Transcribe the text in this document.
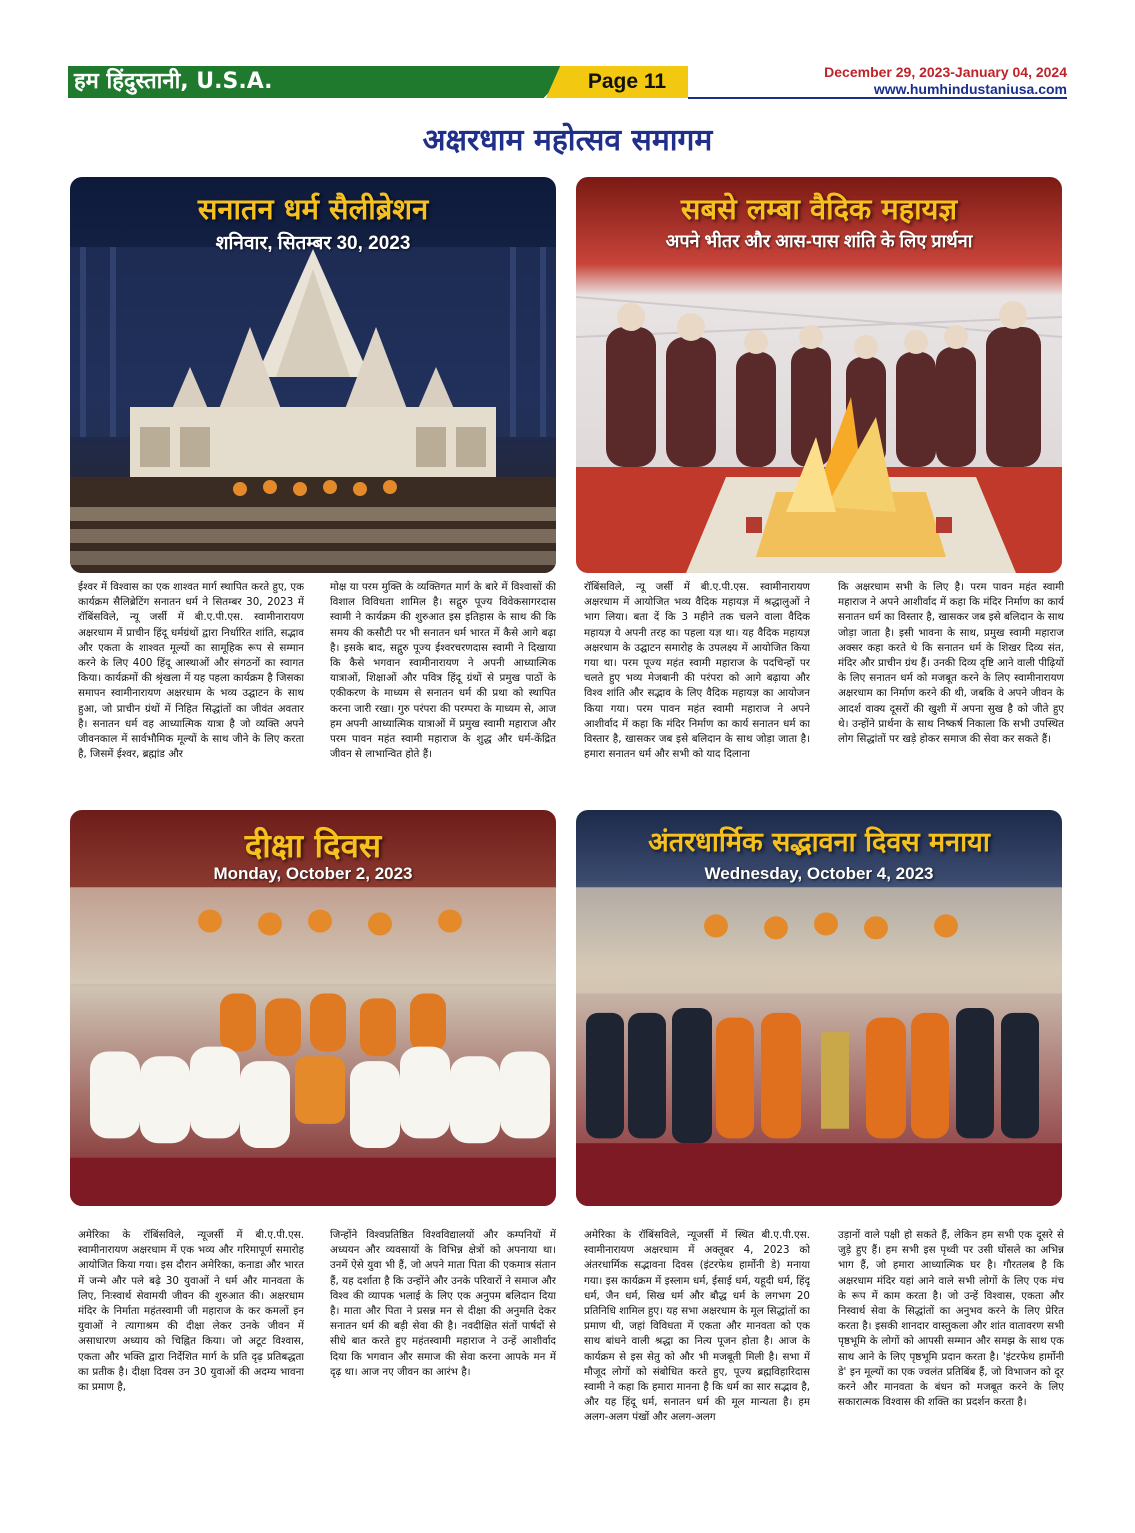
हम हिंदुस्तानी, U.S.A.	Page 11	December 29, 2023-January 04, 2024
www.humhindustaniusa.com
अक्षरधाम महोत्सव समागम
सनातन धर्म सैलीब्रेशन
शनिवार, सितम्बर 30, 2023
सबसे लम्बा वैदिक महायज्ञ
अपने भीतर और आस-पास शांति के लिए प्रार्थना
दीक्षा दिवस
Monday, October 2, 2023
अंतरधार्मिक सद्भावना दिवस मनाया
Wednesday, October 4, 2023
ईश्वर में विश्वास का एक शाश्वत मार्ग स्थापित करते हुए, एक कार्यक्रम सैलिब्रेटिंग सनातन धर्म ने सितम्बर 30, 2023 में रॉबिंसविले, न्यू जर्सी में बी.ए.पी.एस. स्वामीनारायण अक्षरधाम में प्राचीन हिंदू धर्मग्रंथों द्वारा निर्धारित शांति, सद्भाव और एकता के शाश्वत मूल्यों का सामूहिक रूप से सम्मान करने के लिए 400 हिंदू आस्थाओं और संगठनों का स्वागत किया। कार्यक्रमों की श्रृंखला में यह पहला कार्यक्रम है जिसका समापन स्वामीनारायण अक्षरधाम के भव्य उद्घाटन के साथ हुआ, जो प्राचीन ग्रंथों में निहित सिद्धांतों का जीवंत अवतार है। सनातन धर्म वह आध्यात्मिक यात्रा है जो व्यक्ति अपने जीवनकाल में सार्वभौमिक मूल्यों के साथ जीने के लिए करता है, जिसमें ईश्वर, ब्रह्मांड और
मोक्ष या परम मुक्ति के व्यक्तिगत मार्ग के बारे में विश्वासों की विशाल विविधता शामिल है। सद्गुरु पूज्य विवेकसागरदास स्वामी ने कार्यक्रम की शुरुआत इस इतिहास के साथ की कि समय की कसौटी पर भी सनातन धर्म भारत में कैसे आगे बढ़ा है। इसके बाद, सद्गुरु पूज्य ईश्वरचरणदास स्वामी ने दिखाया कि कैसे भगवान स्वामीनारायण ने अपनी आध्यात्मिक यात्राओं, शिक्षाओं और पवित्र हिंदू ग्रंथों से प्रमुख पाठों के एकीकरण के माध्यम से सनातन धर्म की प्रथा को स्थापित करना जारी रखा। गुरु परंपरा की परम्परा के माध्यम से, आज हम अपनी आध्यात्मिक यात्राओं में प्रमुख स्वामी महाराज और परम पावन महंत स्वामी महाराज के शुद्ध और धर्म-केंद्रित जीवन से लाभान्वित होते हैं।
रॉबिंसविले, न्यू जर्सी में बी.ए.पी.एस. स्वामीनारायण अक्षरधाम में आयोजित भव्य वैदिक महायज्ञ में श्रद्धालुओं ने भाग लिया। बता दें कि 3 महीने तक चलने वाला वैदिक महायज्ञ ये अपनी तरह का पहला यज्ञ था। यह वैदिक महायज्ञ अक्षरधाम के उद्घाटन समारोह के उपलक्ष्य में आयोजित किया गया था। परम पूज्य महंत स्वामी महाराज के पदचिन्हों पर चलते हुए भव्य मेजबानी की परंपरा को आगे बढ़ाया और विश्व शांति और सद्भाव के लिए वैदिक महायज्ञ का आयोजन किया गया। परम पावन महंत स्वामी महाराज ने अपने आशीर्वाद में कहा कि मंदिर निर्माण का कार्य सनातन धर्म का विस्तार है, खासकर जब इसे बलिदान के साथ जोड़ा जाता है। हमारा सनातन धर्म और सभी को याद दिलाना
कि अक्षरधाम सभी के लिए है। परम पावन महंत स्वामी महाराज ने अपने आशीर्वाद में कहा कि मंदिर निर्माण का कार्य सनातन धर्म का विस्तार है, खासकर जब इसे बलिदान के साथ जोड़ा जाता है। इसी भावना के साथ, प्रमुख स्वामी महाराज अक्सर कहा करते थे कि सनातन धर्म के शिखर दिव्य संत, मंदिर और प्राचीन ग्रंथ हैं। उनकी दिव्य दृष्टि आने वाली पीढ़ियों के लिए सनातन धर्म को मजबूत करने के लिए स्वामीनारायण अक्षरधाम का निर्माण करने की थी, जबकि वे अपने जीवन के आदर्श वाक्य दूसरों की खुशी में अपना सुख है को जीते हुए थे। उन्होंने प्रार्थना के साथ निष्कर्ष निकाला कि सभी उपस्थित लोग सिद्धांतों पर खड़े होकर समाज की सेवा कर सकते हैं।
अमेरिका के रॉबिंसविले, न्यूजर्सी में बी.ए.पी.एस. स्वामीनारायण अक्षरधाम में एक भव्य और गरिमापूर्ण समारोह आयोजित किया गया। इस दौरान अमेरिका, कनाडा और भारत में जन्मे और पले बढ़े 30 युवाओं ने धर्म और मानवता के लिए, निःस्वार्थ सेवामयी जीवन की शुरुआत की। अक्षरधाम मंदिर के निर्माता महंतस्वामी जी महाराज के कर कमलों इन युवाओं ने त्यागाश्रम की दीक्षा लेकर उनके जीवन में असाधारण अध्याय को चिह्नित किया। जो अटूट विश्वास, एकता और भक्ति द्वारा निर्देशित मार्ग के प्रति दृढ़ प्रतिबद्धता का प्रतीक है। दीक्षा दिवस उन 30 युवाओं की अदम्य भावना का प्रमाण है,
जिन्होंने विश्वप्रतिष्ठित विश्वविद्यालयों और कम्पनियों में अध्ययन और व्यवसायों के विभिन्न क्षेत्रों को अपनाया था। उनमें ऐसे युवा भी हैं, जो अपने माता पिता की एकमात्र संतान हैं, यह दर्शाता है कि उन्होंने और उनके परिवारों ने समाज और विश्व की व्यापक भलाई के लिए एक अनुपम बलिदान दिया है। माता और पिता ने प्रसन्न मन से दीक्षा की अनुमति देकर सनातन धर्म की बड़ी सेवा की है। नवदीक्षित संतों पार्षदों से सीधे बात करते हुए महंतस्वामी महाराज ने उन्हें आशीर्वाद दिया कि भगवान और समाज की सेवा करना आपके मन में दृढ़ था। आज नए जीवन का आरंभ है।
अमेरिका के रॉबिंसविले, न्यूजर्सी में स्थित बी.ए.पी.एस. स्वामीनारायण अक्षरधाम में अक्तूबर 4, 2023 को अंतरधार्मिक सद्भावना दिवस (इंटरफेथ हार्मोनी डे) मनाया गया। इस कार्यक्रम में इस्लाम धर्म, ईसाई धर्म, यहूदी धर्म, हिंदू धर्म, जैन धर्म, सिख धर्म और बौद्ध धर्म के लगभग 20 प्रतिनिधि शामिल हुए। यह सभा अक्षरधाम के मूल सिद्धांतों का प्रमाण थी, जहां विविधता में एकता और मानवता को एक साथ बांधने वाली श्रद्धा का नित्य पूजन होता है। आज के कार्यक्रम से इस सेतु को और भी मजबूती मिली है। सभा में मौजूद लोगों को संबोधित करते हुए, पूज्य ब्रह्मविहारिदास स्वामी ने कहा कि हमारा मानना है कि धर्म का सार सद्भाव है, और यह हिंदू धर्म, सनातन धर्म की मूल मान्यता है। हम अलग-अलग पंखों और अलग-अलग
उड़ानों वाले पक्षी हो सकते हैं, लेकिन हम सभी एक दूसरे से जुड़े हुए हैं। हम सभी इस पृथ्वी पर उसी घोंसले का अभिन्न भाग हैं, जो हमारा आध्यात्मिक घर है। गौरतलब है कि अक्षरधाम मंदिर यहां आने वाले सभी लोगों के लिए एक मंच के रूप में काम करता है। जो उन्हें विश्वास, एकता और निस्वार्थ सेवा के सिद्धांतों का अनुभव करने के लिए प्रेरित करता है। इसकी शानदार वास्तुकला और शांत वातावरण सभी पृष्ठभूमि के लोगों को आपसी सम्मान और समझ के साथ एक साथ आने के लिए पृष्ठभूमि प्रदान करता है। 'इंटरफेथ हार्मोनी डे' इन मूल्यों का एक ज्वलंत प्रतिबिंब हैं, जो विभाजन को दूर करने और मानवता के बंधन को मजबूत करने के लिए सकारात्मक विश्वास की शक्ति का प्रदर्शन करता है।
